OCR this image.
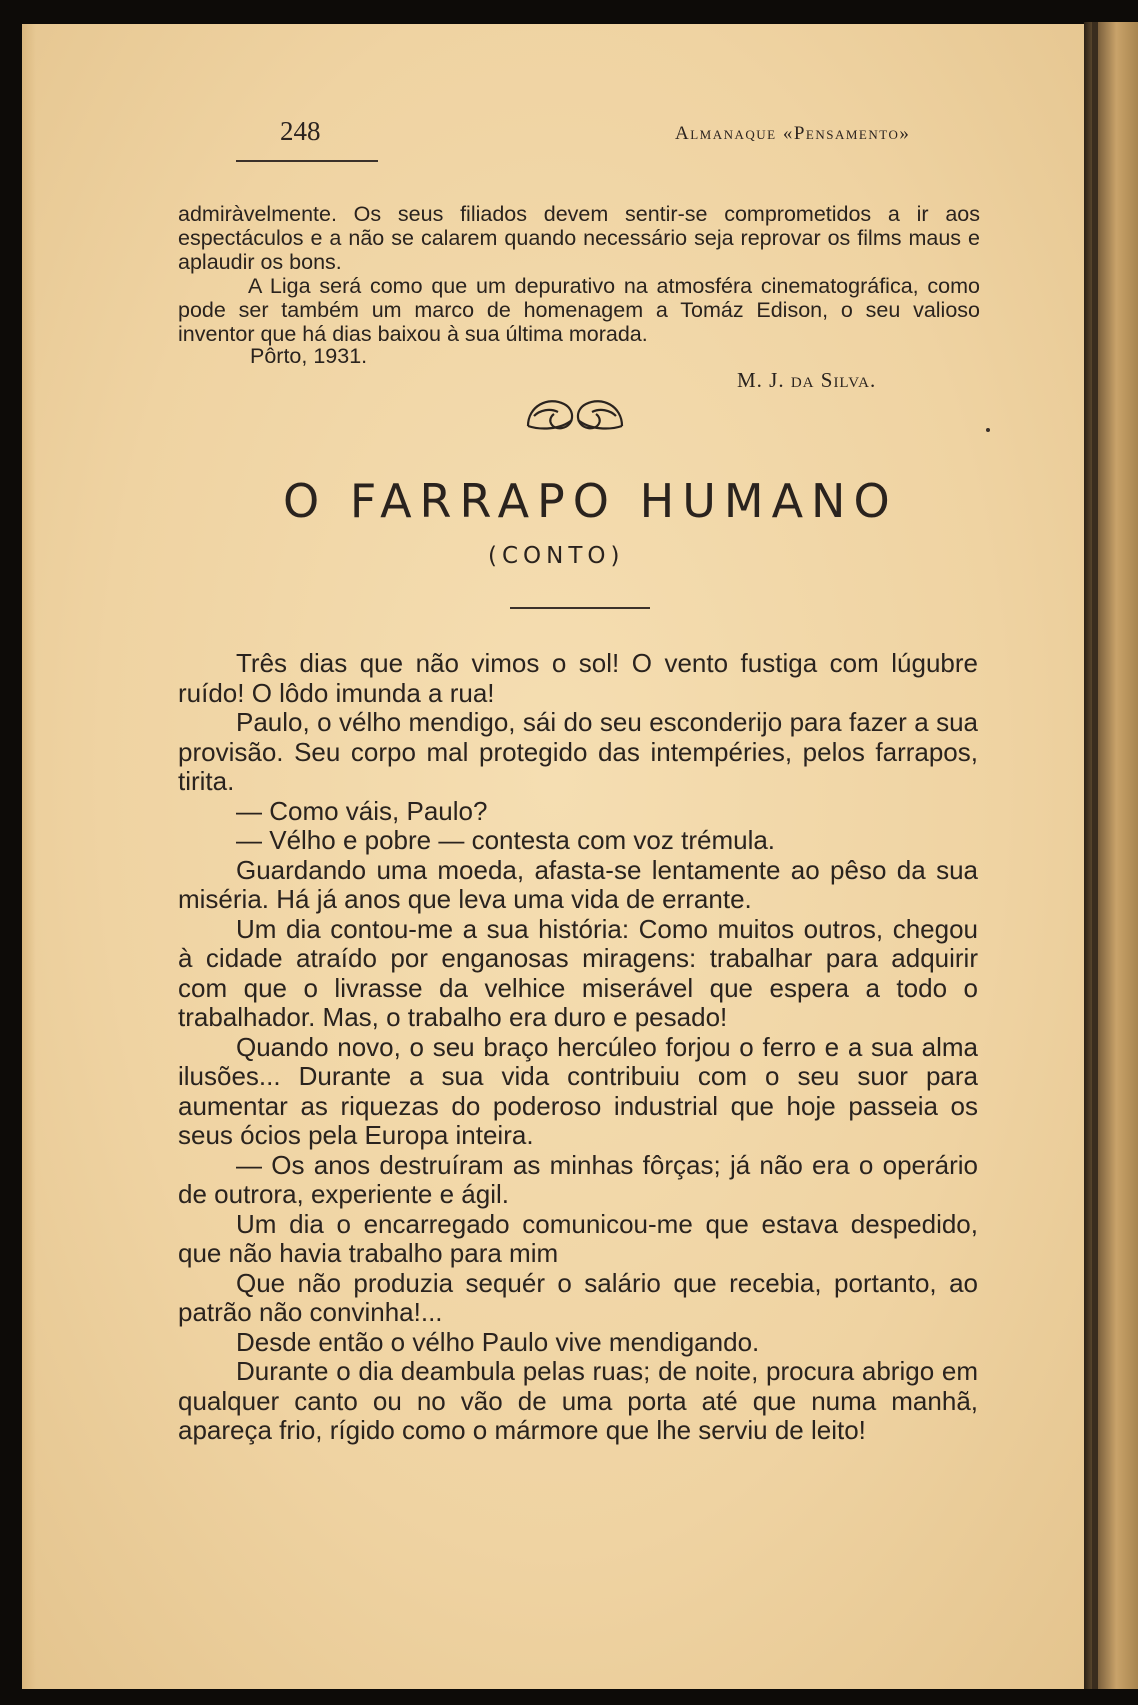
248	Almanaque «Pensamento»
admiràvelmente. Os seus filiados devem sentir-se comprometidos a ir aos espectáculos e a não se calarem quando necessário seja reprovar os films maus e aplaudir os bons.
A Liga será como que um depurativo na atmosféra cinematográfica, como pode ser também um marco de homenagem a Tomáz Edison, o seu valioso inventor que há dias baixou à sua última morada.
Pôrto, 1931.
M. J. da Silva.
O FARRAPO HUMANO
(CONTO)

Três dias que não vimos o sol! O vento fustiga com lúgubre ruído! O lôdo imunda a rua!

Paulo, o vélho mendigo, sái do seu esconderijo para fazer a sua provisão. Seu corpo mal protegido das intempéries, pelos farrapos, tirita.

— Como váis, Paulo?

— Vélho e pobre — contesta com voz trémula.

Guardando uma moeda, afasta-se lentamente ao pêso da sua miséria. Há já anos que leva uma vida de errante.

Um dia contou-me a sua história: Como muitos outros, chegou à cidade atraído por enganosas miragens: trabalhar para adquirir com que o livrasse da velhice miserável que espera a todo o trabalhador. Mas, o trabalho era duro e pesado!

Quando novo, o seu braço hercúleo forjou o ferro e a sua alma ilusões... Durante a sua vida contribuiu com o seu suor para aumentar as riquezas do poderoso industrial que hoje passeia os seus ócios pela Europa inteira.

— Os anos destruíram as minhas fôrças; já não era o operário de outrora, experiente e ágil.

Um dia o encarregado comunicou-me que estava despedido, que não havia trabalho para mim

Que não produzia sequér o salário que recebia, portanto, ao patrão não convinha!...

Desde então o vélho Paulo vive mendigando.

Durante o dia deambula pelas ruas; de noite, procura abrigo em qualquer canto ou no vão de uma porta até que numa manhã, apareça frio, rígido como o mármore que lhe serviu de leito!
